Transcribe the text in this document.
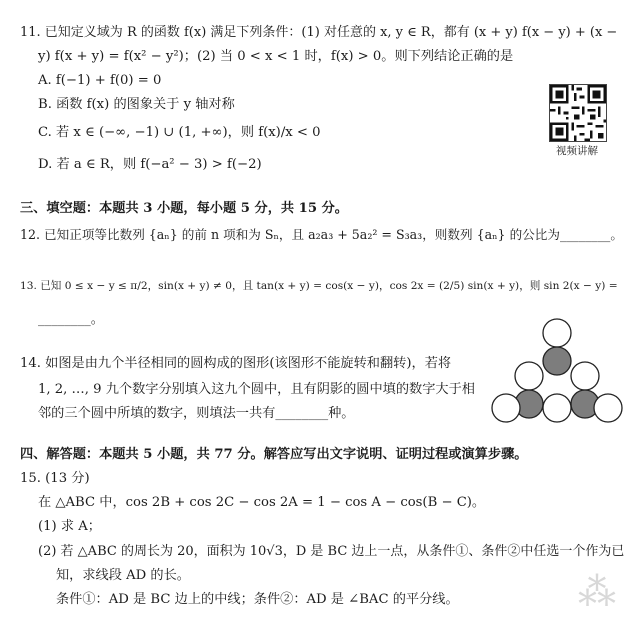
11. 已知定义域为 R 的函数 f(x) 满足下列条件：(1) 对任意的 x, y ∈ R，都有 (x + y) f(x − y) + (x −
y) f(x + y) = f(x² − y²)；(2) 当 0 < x < 1 时，f(x) > 0。则下列结论正确的是
A. f(−1) + f(0) = 0
B. 函数 f(x) 的图象关于 y 轴对称
C. 若 x ∈ (−∞, −1) ∪ (1, +∞)，则 f(x)/x < 0
D. 若 a ∈ R，则 f(−a² − 3) > f(−2)
视频讲解
三、填空题：本题共 3 小题，每小题 5 分，共 15 分。
12. 已知正项等比数列 {aₙ} 的前 n 项和为 Sₙ，且 a₂a₃ + 5a₂² = S₃a₃，则数列 {aₙ} 的公比为________。
13. 已知 0 ≤ x − y ≤ π/2，sin(x + y) ≠ 0，且 tan(x + y) = cos(x − y)，cos 2x = (2/5) sin(x + y)，则 sin 2(x − y) =
________。
14. 如图是由九个半径相同的圆构成的图形(该图形不能旋转和翻转)，若将
1, 2, …, 9 九个数字分别填入这九个圆中，且有阴影的圆中填的数字大于相
邻的三个圆中所填的数字，则填法一共有________种。
四、解答题：本题共 5 小题，共 77 分。解答应写出文字说明、证明过程或演算步骤。
15. (13 分)
在 △ABC 中，cos 2B + cos 2C − cos 2A = 1 − cos A − cos(B − C)。
(1) 求 A；
(2) 若 △ABC 的周长为 20，面积为 10√3，D 是 BC 边上一点，从条件①、条件②中任选一个作为已
知，求线段 AD 的长。
条件①：AD 是 BC 边上的中线；条件②：AD 是 ∠BAC 的平分线。	⁂
